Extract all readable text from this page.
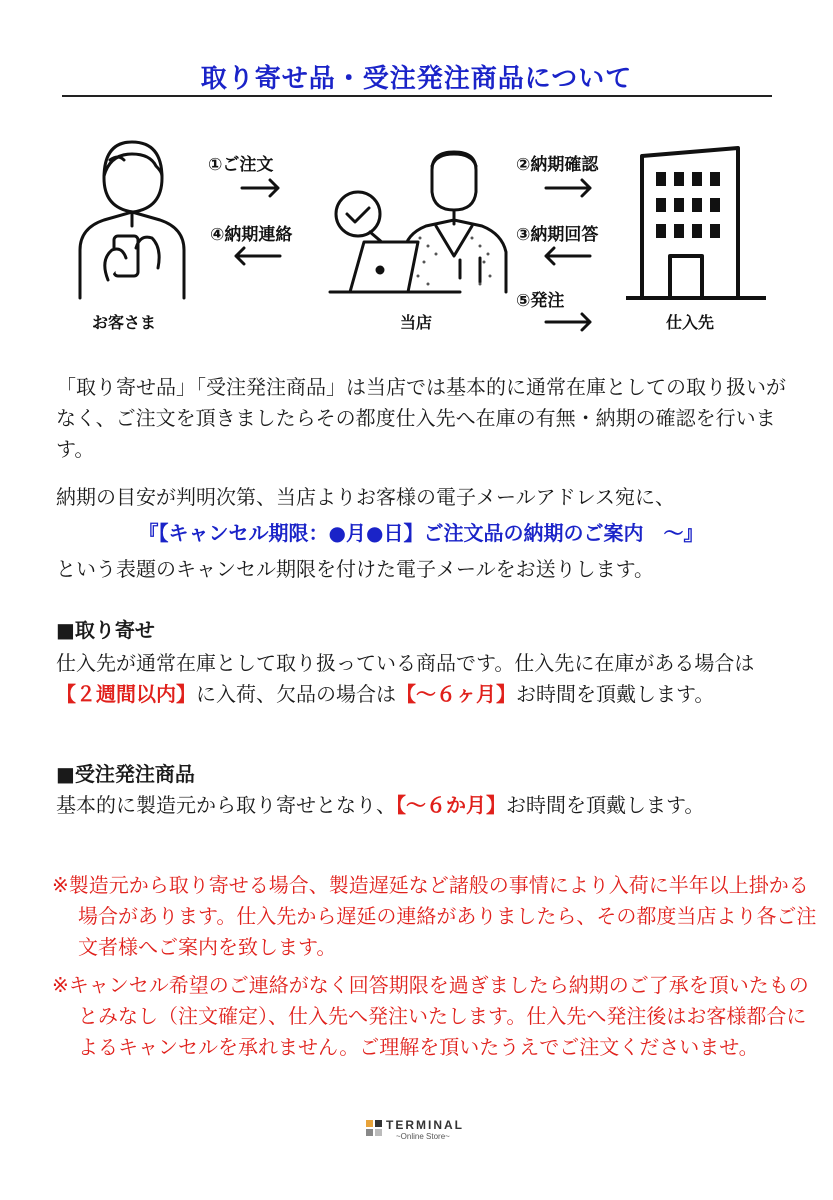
取り寄せ品・受注発注商品について
①ご注文
④納期連絡
②納期確認
③納期回答
⑤発注
お客さま	当店	仕入先
「取り寄せ品」「受注発注商品」は当店では基本的に通常在庫としての取り扱いがなく、ご注文を頂きましたらその都度仕入先へ在庫の有無・納期の確認を行います。
納期の目安が判明次第、当店よりお客様の電子メールアドレス宛に、
『【キャンセル期限：●月●日】ご注文品の納期のご案内　～』
という表題のキャンセル期限を付けた電子メールをお送りします。
■取り寄せ
仕入先が通常在庫として取り扱っている商品です。仕入先に在庫がある場合は【２週間以内】に入荷、欠品の場合は【～６ヶ月】お時間を頂戴します。
■受注発注商品
基本的に製造元から取り寄せとなり、【～６か月】お時間を頂戴します。
※製造元から取り寄せる場合、製造遅延など諸般の事情により入荷に半年以上掛かる場合があります。仕入先から遅延の連絡がありましたら、その都度当店より各ご注文者様へご案内を致します。
※キャンセル希望のご連絡がなく回答期限を過ぎましたら納期のご了承を頂いたものとみなし（注文確定）、仕入先へ発注いたします。仕入先へ発注後はお客様都合によるキャンセルを承れません。ご理解を頂いたうえでご注文くださいませ。
TERMINAL
~Online Store~
